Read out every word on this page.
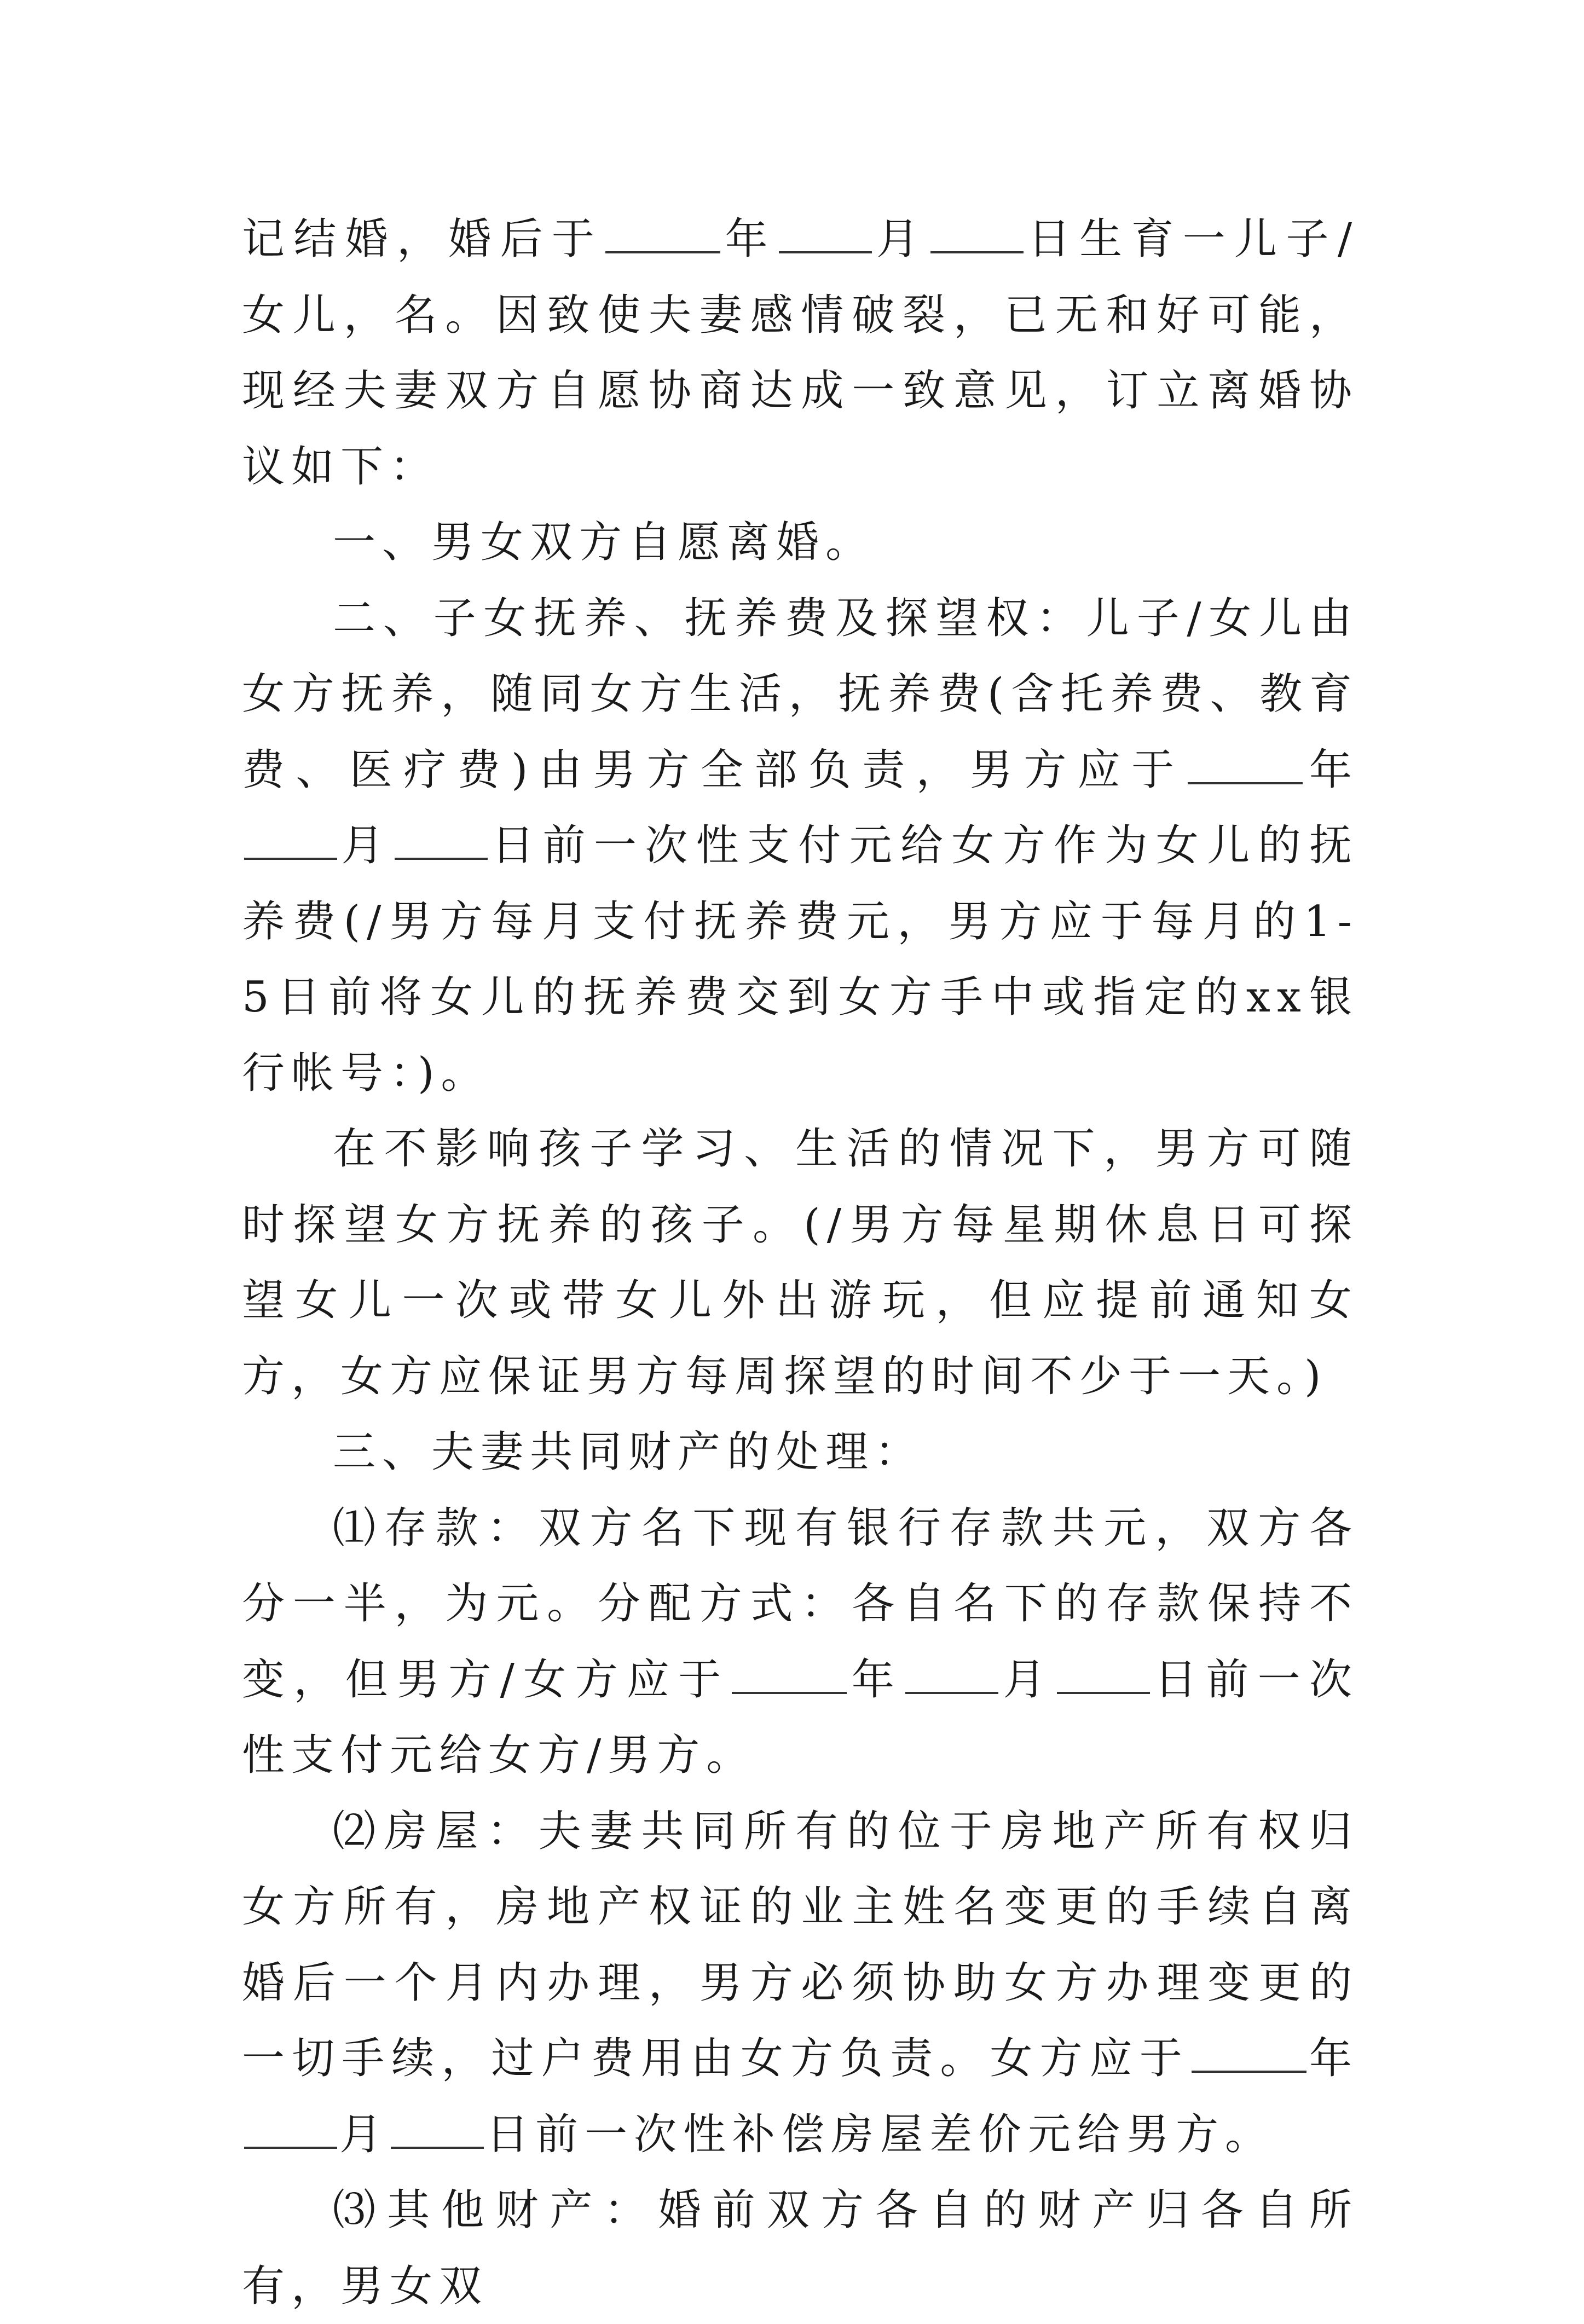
记结婚，婚后于	年 月 日生育一儿子/女儿，名。因致使夫妻感情破裂，已无和好可能，现经夫妻双方自愿协商达成一致意见，订立离婚协议如下：

一、男女双方自愿离婚。

二、子女抚养、抚养费及探望权：儿子/女儿由女方抚养，随同女方生活，抚养费(含托养费、教育费、医疗费)由男方全部负责，男方应于	年月 日前一次性支付元给女方作为女儿的抚养费(/男方每月支付抚养费元，男方应于每月的1-5日前将女儿的抚养费交到女方手中或指定的xx银行帐号：)。

在不影响孩子学习、生活的情况下，男方可随时探望女方抚养的孩子。(/男方每星期休息日可探望女儿一次或带女儿外出游玩，但应提前通知女方，女方应保证男方每周探望的时间不少于一天。)

三、夫妻共同财产的处理：

⑴存款：双方名下现有银行存款共元，双方各分一半，为元。分配方式：各自名下的存款保持不变，但男方/女方应于	年 月 日前一次性支付元给女方/男方。

⑵房屋：夫妻共同所有的位于房地产所有权归女方所有，房地产权证的业主姓名变更的手续自离婚后一个月内办理，男方必须协助女方办理变更的一切手续，过户费用由女方负责。女方应于	年月 日前一次性补偿房屋差价元给男方。

⑶其他财产：婚前双方各自的财产归各自所有，男女双
